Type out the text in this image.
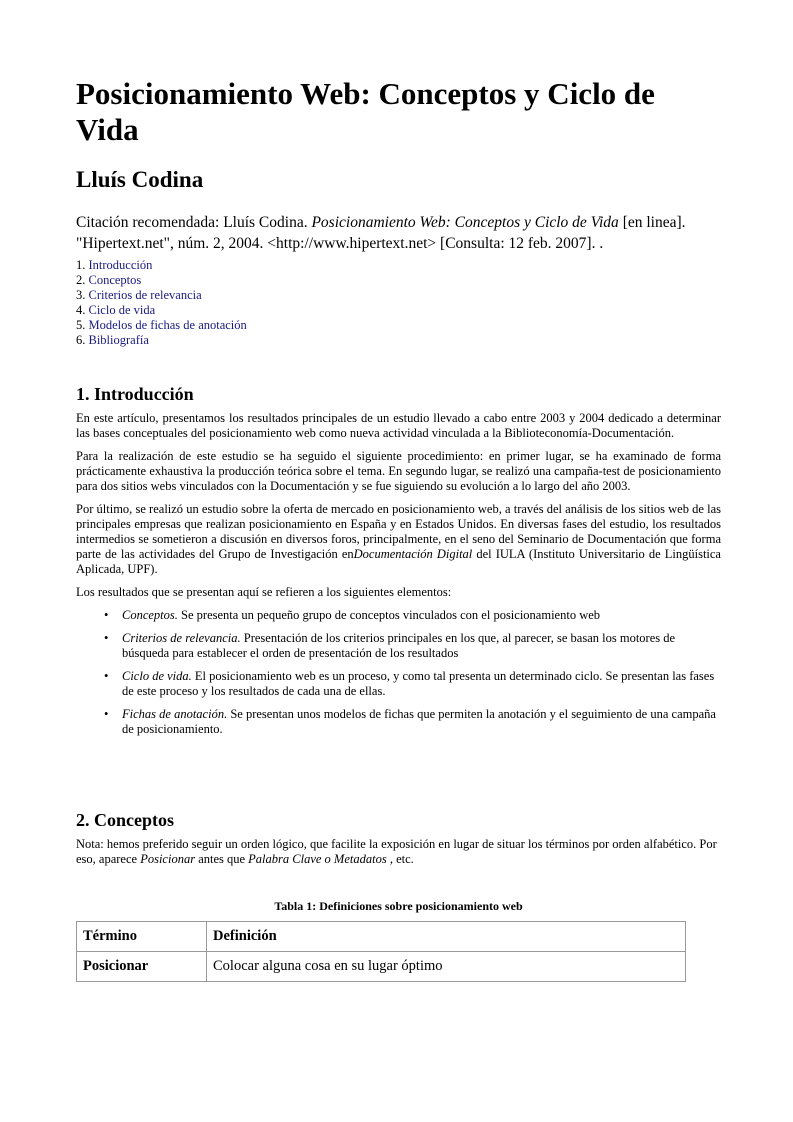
Posicionamiento Web: Conceptos y Ciclo de Vida
Lluís Codina

Citación recomendada: Lluís Codina. Posicionamiento Web: Conceptos y Ciclo de Vida [en linea]. "Hipertext.net", núm. 2, 2004. <http://www.hipertext.net> [Consulta: 12 feb. 2007]. .

1. Introducción
2. Conceptos
3. Criterios de relevancia
4. Ciclo de vida
5. Modelos de fichas de anotación
6. Bibliografía
1. Introducción

En este artículo, presentamos los resultados principales de un estudio llevado a cabo entre 2003 y 2004 dedicado a determinar las bases conceptuales del posicionamiento web como nueva actividad vinculada a la Biblioteconomía-Documentación.

Para la realización de este estudio se ha seguido el siguiente procedimiento: en primer lugar, se ha examinado de forma prácticamente exhaustiva la producción teórica sobre el tema. En segundo lugar, se realizó una campaña-test de posicionamiento para dos sitios webs vinculados con la Documentación y se fue siguiendo su evolución a lo largo del año 2003.

Por último, se realizó un estudio sobre la oferta de mercado en posicionamiento web, a través del análisis de los sitios web de las principales empresas que realizan posicionamiento en España y en Estados Unidos. En diversas fases del estudio, los resultados intermedios se sometieron a discusión en diversos foros, principalmente, en el seno del Seminario de Documentación que forma parte de las actividades del Grupo de Investigación enDocumentación Digital del IULA (Instituto Universitario de Lingüística Aplicada, UPF).

Los resultados que se presentan aquí se refieren a los siguientes elementos:

• Conceptos. Se presenta un pequeño grupo de conceptos vinculados con el posicionamiento web
• Criterios de relevancia. Presentación de los criterios principales en los que, al parecer, se basan los motores de búsqueda para establecer el orden de presentación de los resultados
• Ciclo de vida. El posicionamiento web es un proceso, y como tal presenta un determinado ciclo. Se presentan las fases de este proceso y los resultados de cada una de ellas.
• Fichas de anotación. Se presentan unos modelos de fichas que permiten la anotación y el seguimiento de una campaña de posicionamiento.
2. Conceptos

Nota: hemos preferido seguir un orden lógico, que facilite la exposición en lugar de situar los términos por orden alfabético. Por eso, aparece Posicionar antes que Palabra Clave o Metadatos , etc.

Tabla 1: Definiciones sobre posicionamiento web
Término	Definición
Posicionar	Colocar alguna cosa en su lugar óptimo
